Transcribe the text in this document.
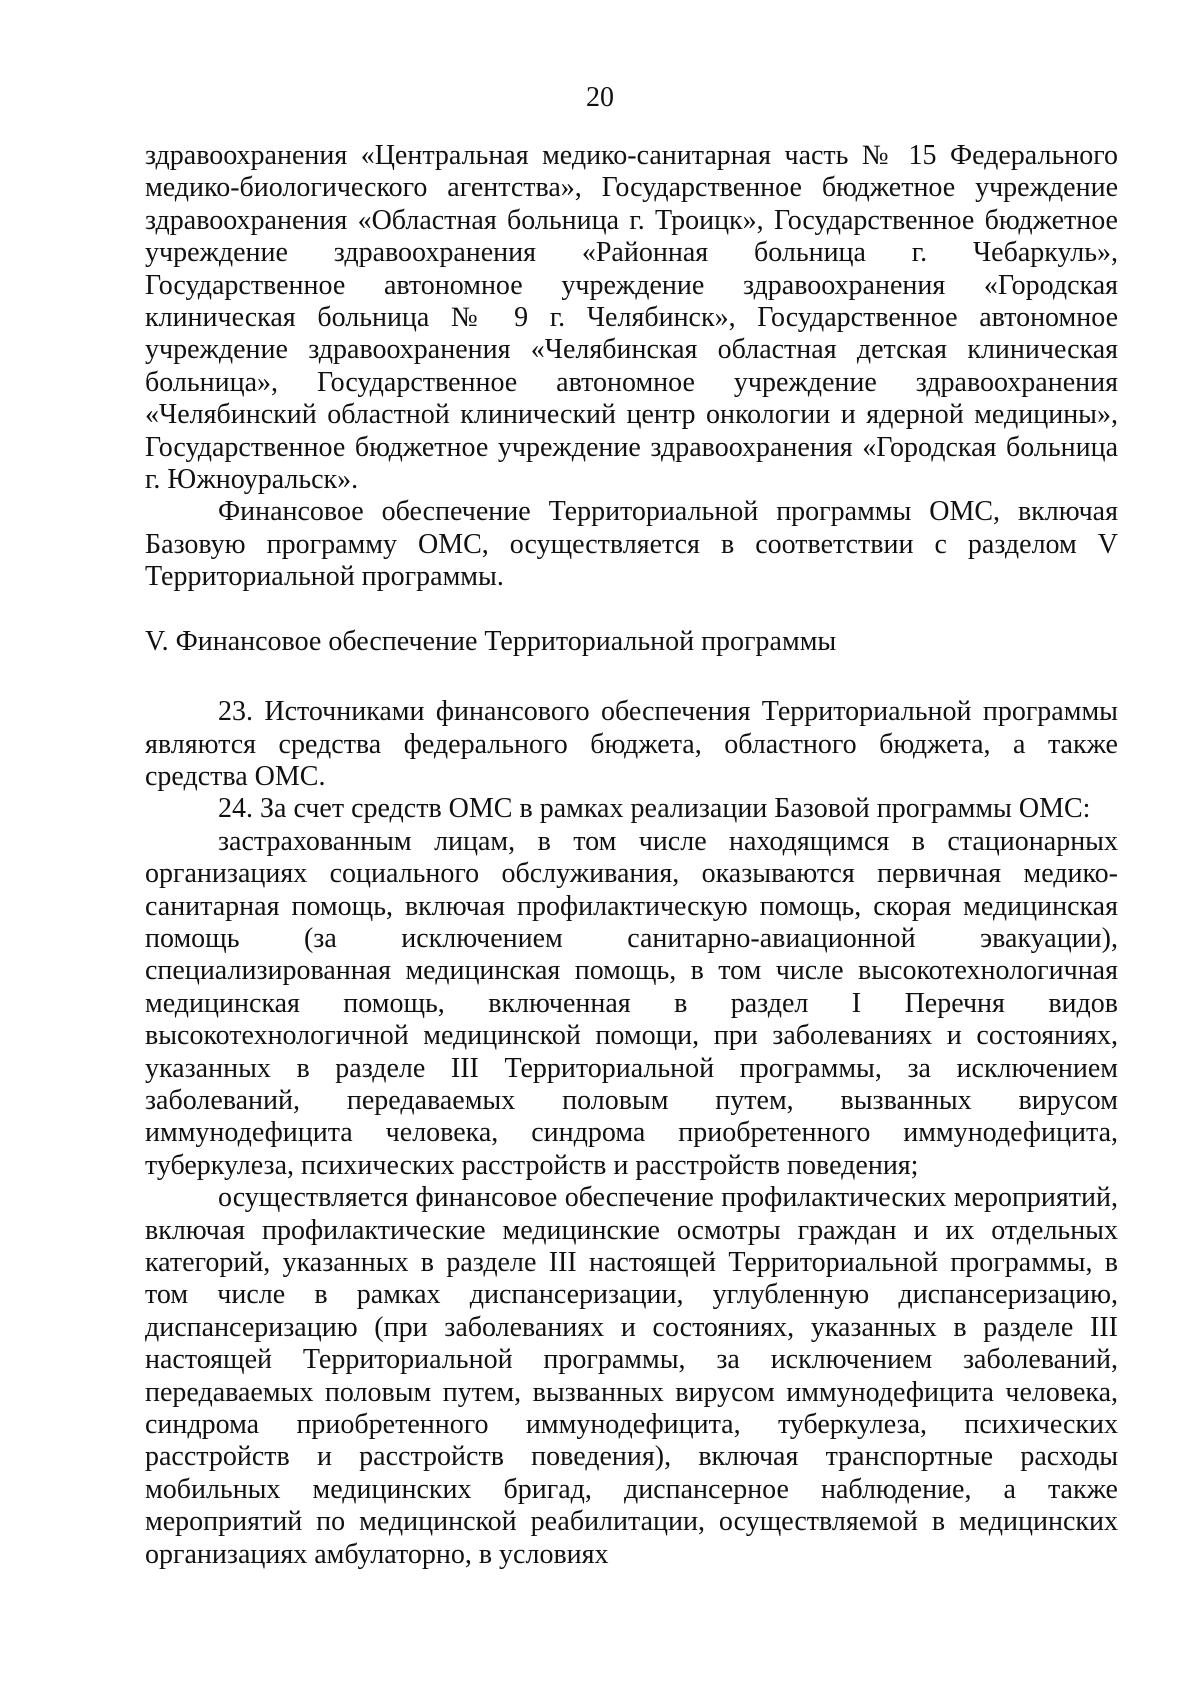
20

здравоохранения «Центральная медико-санитарная часть № 15 Федерального медико-биологического агентства», Государственное бюджетное учреждение здравоохранения «Областная больница г. Троицк», Государственное бюджетное учреждение здравоохранения «Районная больница г. Чебаркуль», Государственное автономное учреждение здравоохранения «Городская клиническая больница № 9 г. Челябинск», Государственное автономное учреждение здравоохранения «Челябинская областная детская клиническая больница», Государственное автономное учреждение здравоохранения «Челябинский областной клинический центр онкологии и ядерной медицины», Государственное бюджетное учреждение здравоохранения «Городская больница г. Южноуральск».

Финансовое обеспечение Территориальной программы ОМС, включая Базовую программу ОМС, осуществляется в соответствии с разделом V Территориальной программы.

V. Финансовое обеспечение Территориальной программы

23. Источниками финансового обеспечения Территориальной программы являются средства федерального бюджета, областного бюджета, а также средства ОМС.

24. За счет средств ОМС в рамках реализации Базовой программы ОМС:

застрахованным лицам, в том числе находящимся в стационарных организациях социального обслуживания, оказываются первичная медико-санитарная помощь, включая профилактическую помощь, скорая медицинская помощь (за исключением санитарно-авиационной эвакуации), специализированная медицинская помощь, в том числе высокотехнологичная медицинская помощь, включенная в раздел I Перечня видов высокотехнологичной медицинской помощи, при заболеваниях и состояниях, указанных в разделе III Территориальной программы, за исключением заболеваний, передаваемых половым путем, вызванных вирусом иммунодефицита человека, синдрома приобретенного иммунодефицита, туберкулеза, психических расстройств и расстройств поведения;

осуществляется финансовое обеспечение профилактических мероприятий, включая профилактические медицинские осмотры граждан и их отдельных категорий, указанных в разделе III настоящей Территориальной программы, в том числе в рамках диспансеризации, углубленную диспансеризацию, диспансеризацию (при заболеваниях и состояниях, указанных в разделе III настоящей Территориальной программы, за исключением заболеваний, передаваемых половым путем, вызванных вирусом иммунодефицита человека, синдрома приобретенного иммунодефицита, туберкулеза, психических расстройств и расстройств поведения), включая транспортные расходы мобильных медицинских бригад, диспансерное наблюдение, а также мероприятий по медицинской реабилитации, осуществляемой в медицинских организациях амбулаторно, в условиях
